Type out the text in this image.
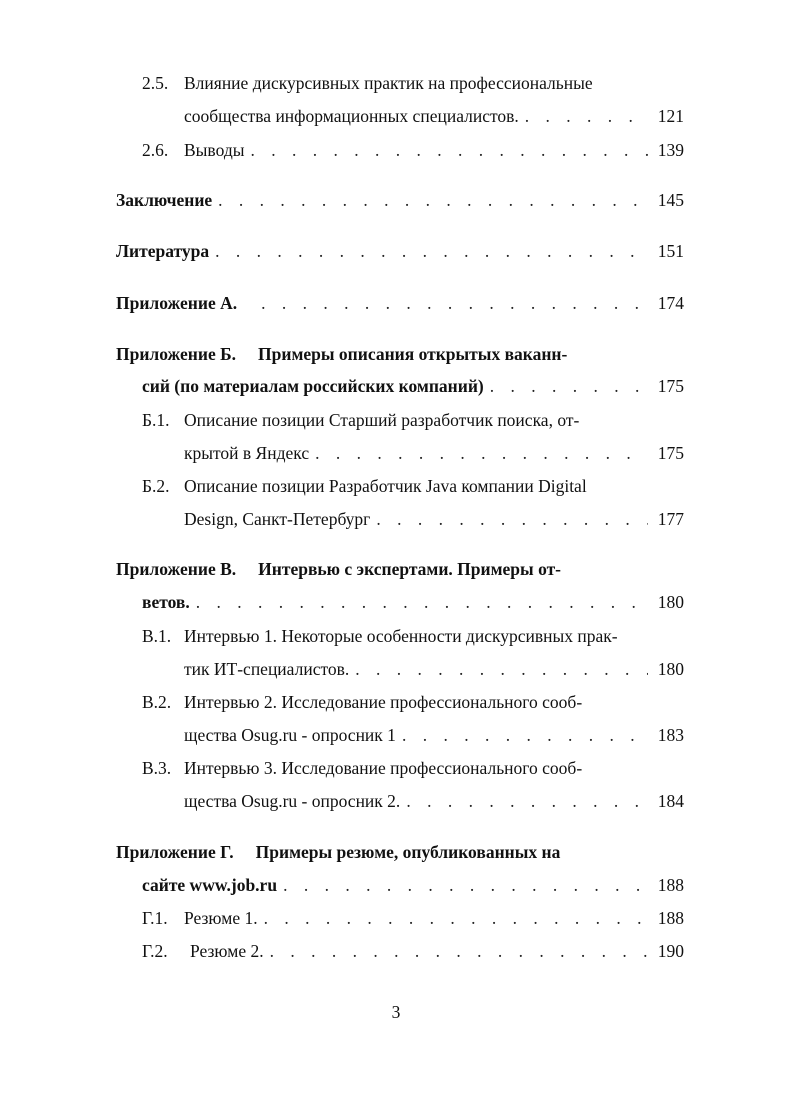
2.5. Влияние дискурсивных практик на профессиональные
сообщества информационных специалистов. . . .	121
2.6. Выводы . . .	139
Заключение . . .	145
Литература . . .	151
Приложение А. . . .	174
Приложение Б. Примеры описания открытых ваканн-
сий (по материалам российских компаний) . . .	175
Б.1. Описание позиции Старший разработчик поиска, от-
крытой в Яндекс . . .	175
Б.2. Описание позиции Разработчик Java компании Digital
Design, Санкт-Петербург . . .	177
Приложение В. Интервью с экспертами. Примеры от-
ветов. . . .	180
В.1. Интервью 1. Некоторые особенности дискурсивных прак-
тик ИТ-специалистов. . . .	180
В.2. Интервью 2. Исследование профессионального сооб-
щества Osug.ru - опросник 1 . . .	183
В.3. Интервью 3. Исследование профессионального сооб-
щества Osug.ru - опросник 2. . . .	184
Приложение Г. Примеры резюме, опубликованных на
сайте www.job.ru . . .	188
Г.1. Резюме 1. . . .	188
Г.2.	Резюме 2. . . .	190
3
